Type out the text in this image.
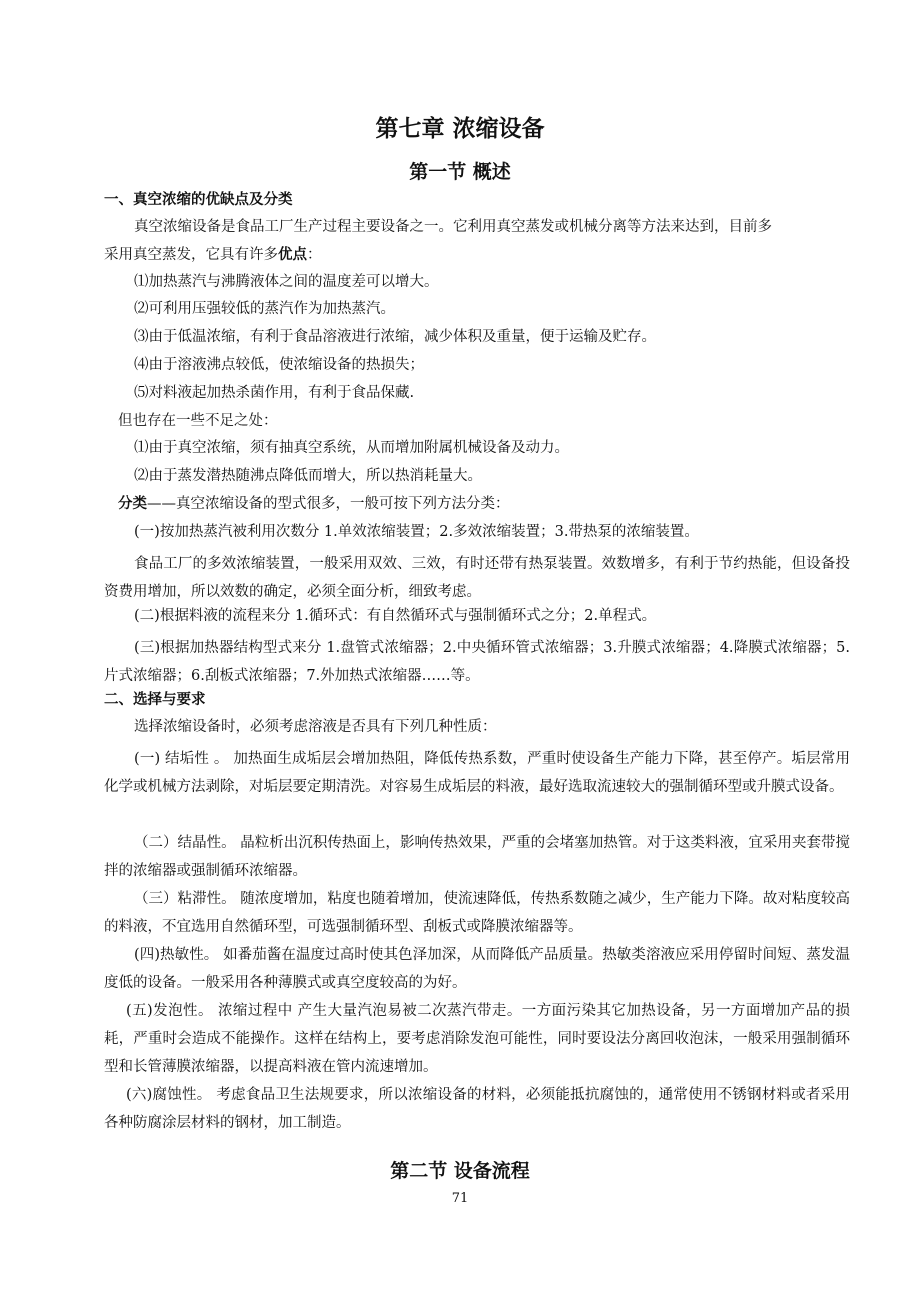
第七章 浓缩设备
第一节 概述
一、真空浓缩的优缺点及分类
真空浓缩设备是食品工厂生产过程主要设备之一。它利用真空蒸发或机械分离等方法来达到，目前多
采用真空蒸发，它具有许多优点：
⑴加热蒸汽与沸腾液体之间的温度差可以增大。
⑵可利用压强较低的蒸汽作为加热蒸汽。
⑶由于低温浓缩，有利于食品溶液进行浓缩，减少体积及重量，便于运输及贮存。
⑷由于溶液沸点较低，使浓缩设备的热损失；
⑸对料液起加热杀菌作用，有利于食品保藏.
但也存在一些不足之处：
⑴由于真空浓缩，须有抽真空系统，从而增加附属机械设备及动力。
⑵由于蒸发潜热随沸点降低而增大，所以热消耗量大。
分类——真空浓缩设备的型式很多，一般可按下列方法分类：
(一)按加热蒸汽被利用次数分 1.单效浓缩装置；2.多效浓缩装置；3.带热泵的浓缩装置。
食品工厂的多效浓缩装置，一般采用双效、三效，有时还带有热泵装置。效数增多，有利于节约热能，但设备投资费用增加，所以效数的确定，必须全面分析，细致考虑。
(二)根据料液的流程来分 1.循环式：有自然循环式与强制循环式之分；2.单程式。
(三)根据加热器结构型式来分 1.盘管式浓缩器；2.中央循环管式浓缩器；3.升膜式浓缩器；4.降膜式浓缩器；5.片式浓缩器；6.刮板式浓缩器；7.外加热式浓缩器……等。
二、选择与要求
选择浓缩设备时，必须考虑溶液是否具有下列几种性质：
(一) 结垢性 。 加热面生成垢层会增加热阻，降低传热系数，严重时使设备生产能力下降，甚至停产。垢层常用化学或机械方法剥除，对垢层要定期清洗。对容易生成垢层的料液，最好选取流速较大的强制循环型或升膜式设备。
（二）结晶性。 晶粒析出沉积传热面上，影响传热效果，严重的会堵塞加热管。对于这类料液，宜采用夹套带搅拌的浓缩器或强制循环浓缩器。
（三）粘滞性。 随浓度增加，粘度也随着增加，使流速降低，传热系数随之减少，生产能力下降。故对粘度较高的料液，不宜选用自然循环型，可选强制循环型、刮板式或降膜浓缩器等。
(四)热敏性。 如番茄酱在温度过高时使其色泽加深，从而降低产品质量。热敏类溶液应采用停留时间短、蒸发温度低的设备。一般采用各种薄膜式或真空度较高的为好。
(五)发泡性。 浓缩过程中 产生大量汽泡易被二次蒸汽带走。一方面污染其它加热设备，另一方面增加产品的损耗，严重时会造成不能操作。这样在结构上，要考虑消除发泡可能性，同时要设法分离回收泡沫，一般采用强制循环型和长管薄膜浓缩器，以提高料液在管内流速增加。
(六)腐蚀性。 考虑食品卫生法规要求，所以浓缩设备的材料，必须能抵抗腐蚀的，通常使用不锈钢材料或者采用各种防腐涂层材料的钢材，加工制造。
第二节 设备流程
71
